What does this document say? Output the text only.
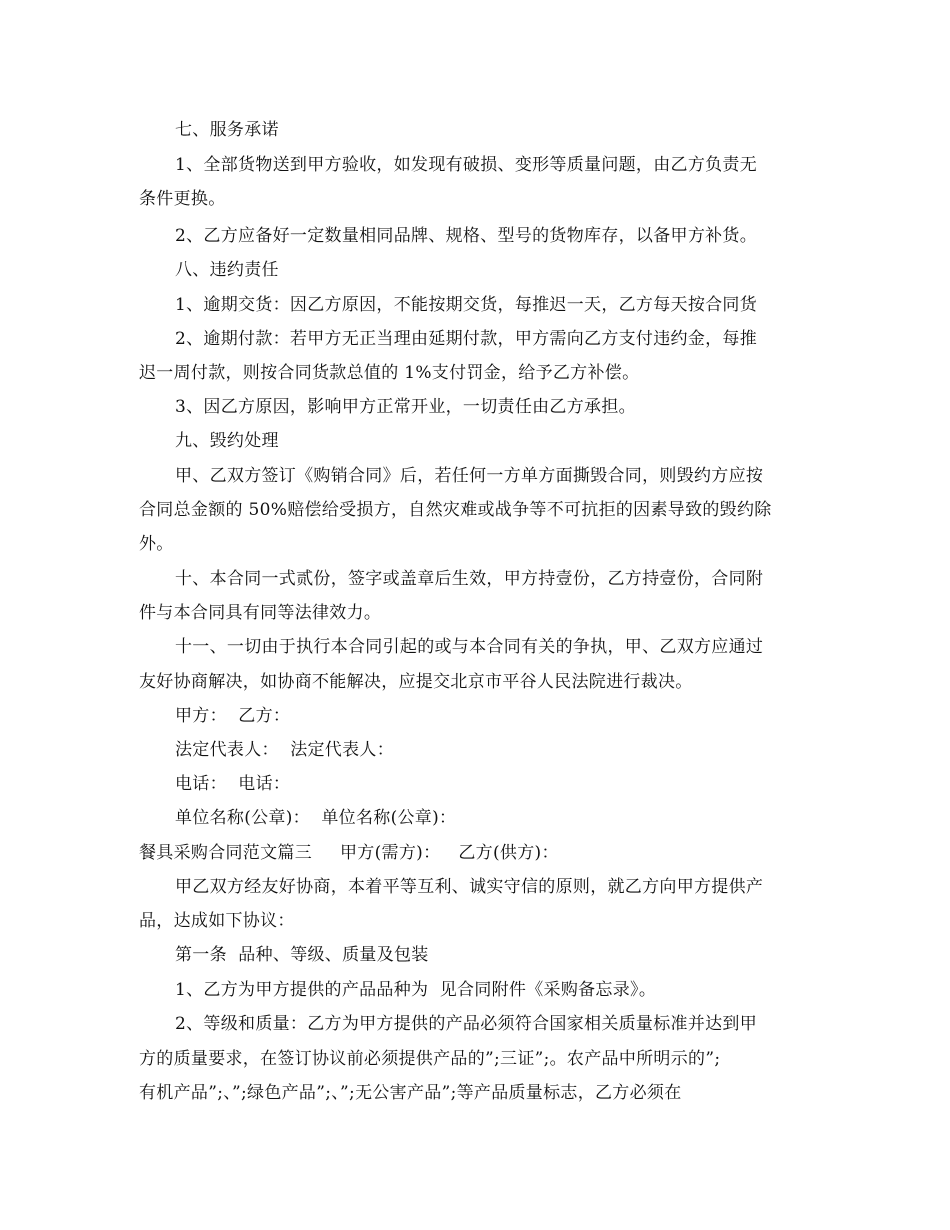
七、服务承诺
1、全部货物送到甲方验收，如发现有破损、变形等质量问题，由乙方负责无
条件更换。
2、乙方应备好一定数量相同品牌、规格、型号的货物库存，以备甲方补货。
八、违约责任
1、逾期交货：因乙方原因，不能按期交货，每推迟一天，乙方每天按合同货
2、逾期付款：若甲方无正当理由延期付款，甲方需向乙方支付违约金，每推
迟一周付款，则按合同货款总值的 1%支付罚金，给予乙方补偿。
3、因乙方原因，影响甲方正常开业，一切责任由乙方承担。
九、毁约处理
甲、乙双方签订《购销合同》后，若任何一方单方面撕毁合同，则毁约方应按
合同总金额的 50%赔偿给受损方，自然灾难或战争等不可抗拒的因素导致的毁约除
外。
十、本合同一式贰份，签字或盖章后生效，甲方持壹份，乙方持壹份，合同附
件与本合同具有同等法律效力。
十一、一切由于执行本合同引起的或与本合同有关的争执，甲、乙双方应通过
友好协商解决，如协商不能解决，应提交北京市平谷人民法院进行裁决。
甲方：  乙方：
法定代表人：  法定代表人：
电话：  电话：
单位名称(公章)：  单位名称(公章)：
餐具采购合同范文篇三 甲方(需方)： 乙方(供方)：
甲乙双方经友好协商，本着平等互利、诚实守信的原则，就乙方向甲方提供产
品，达成如下协议：
第一条  品种、等级、质量及包装
1、乙方为甲方提供的产品品种为  见合同附件《采购备忘录》。
2、等级和质量：乙方为甲方提供的产品必须符合国家相关质量标准并达到甲
方的质量要求，在签订协议前必须提供产品的”;三证”;。农产品中所明示的”;
有机产品”;、”;绿色产品”;、”;无公害产品”;等产品质量标志，乙方必须在
